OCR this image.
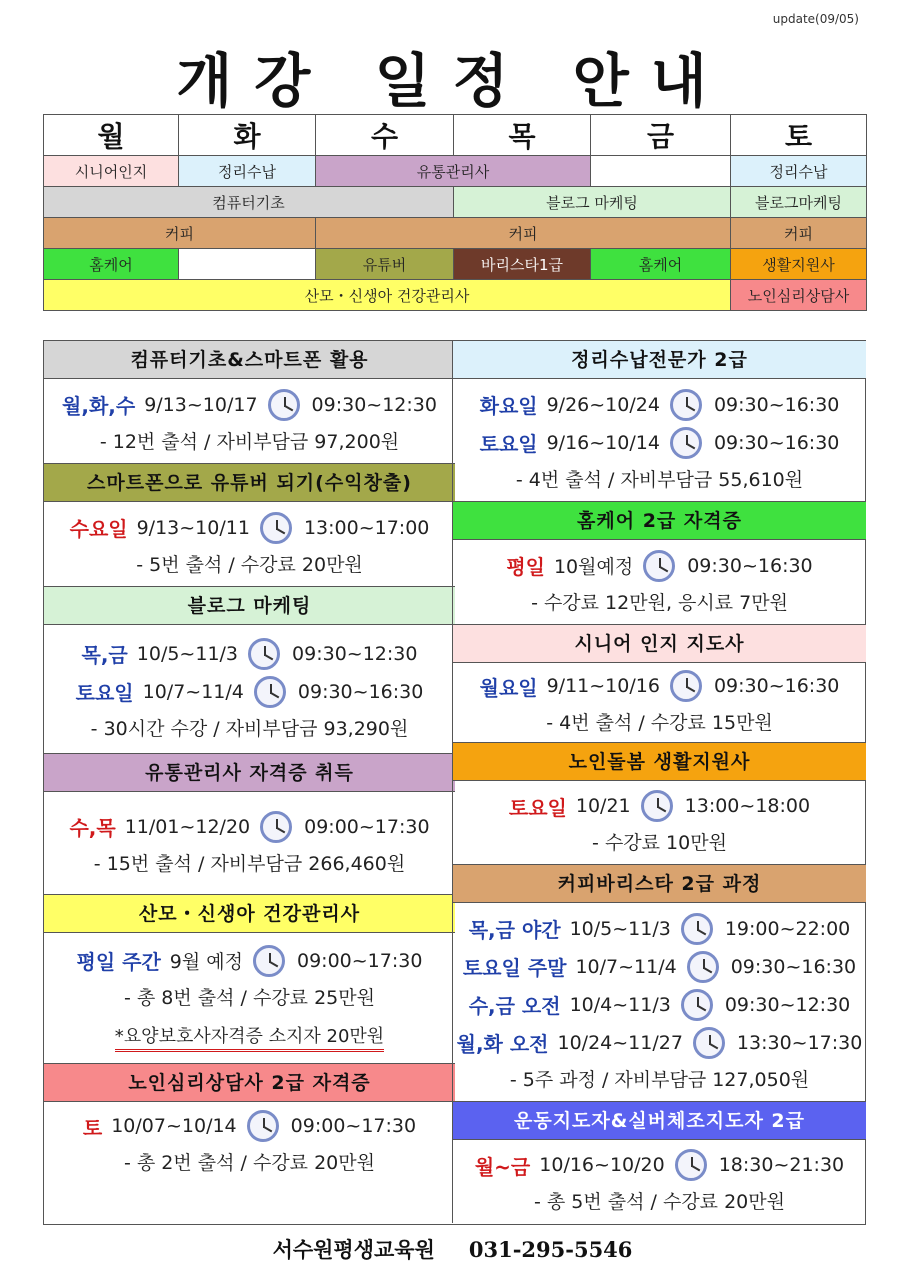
update(09/05)
개강 일정 안내
월	화	수	목	금	토
시니어인지	정리수납	유통관리사			정리수납
컴퓨터기초			블로그 마케팅		블로그마케팅
커피		커피			커피
홈케어		유튜버	바리스타1급	홈케어	생활지원사
산모・신생아 건강관리사					노인심리상담사
컴퓨터기초&스마트폰 활용
월,화,수 9/13~10/17	09:30~12:30
- 12번 출석 / 자비부담금 97,200원
스마트폰으로 유튜버 되기(수익창출)
수요일 9/13~10/11	13:00~17:00
- 5번 출석 / 수강료 20만원
블로그 마케팅
목,금 10/5~11/3	09:30~12:30
토요일 10/7~11/4	09:30~16:30
- 30시간 수강 / 자비부담금 93,290원
유통관리사 자격증 취득
수,목 11/01~12/20	09:00~17:30
- 15번 출석 / 자비부담금 266,460원
산모・신생아 건강관리사
평일 주간 9월 예정	09:00~17:30
- 총 8번 출석 / 수강료 25만원
*요양보호사자격증 소지자 20만원
노인심리상담사 2급 자격증
토 10/07~10/14	09:00~17:30
- 총 2번 출석 / 수강료 20만원
정리수납전문가 2급
화요일 9/26~10/24	09:30~16:30
토요일 9/16~10/14	09:30~16:30
- 4번 출석 / 자비부담금 55,610원
홈케어 2급 자격증
평일 10월예정	09:30~16:30
- 수강료 12만원, 응시료 7만원
시니어 인지 지도사
월요일 9/11~10/16	09:30~16:30
- 4번 출석 / 수강료 15만원
노인돌봄 생활지원사
토요일 10/21	13:00~18:00
- 수강료 10만원
커피바리스타 2급 과정
목,금 야간 10/5~11/3	19:00~22:00
토요일 주말 10/7~11/4	09:30~16:30
수,금 오전 10/4~11/3	09:30~12:30
월,화 오전 10/24~11/27	13:30~17:30
- 5주 과정 / 자비부담금 127,050원
운동지도자&실버체조지도자 2급
월~금 10/16~10/20	18:30~21:30
- 총 5번 출석 / 수강료 20만원
서수원평생교육원 031-295-5546
